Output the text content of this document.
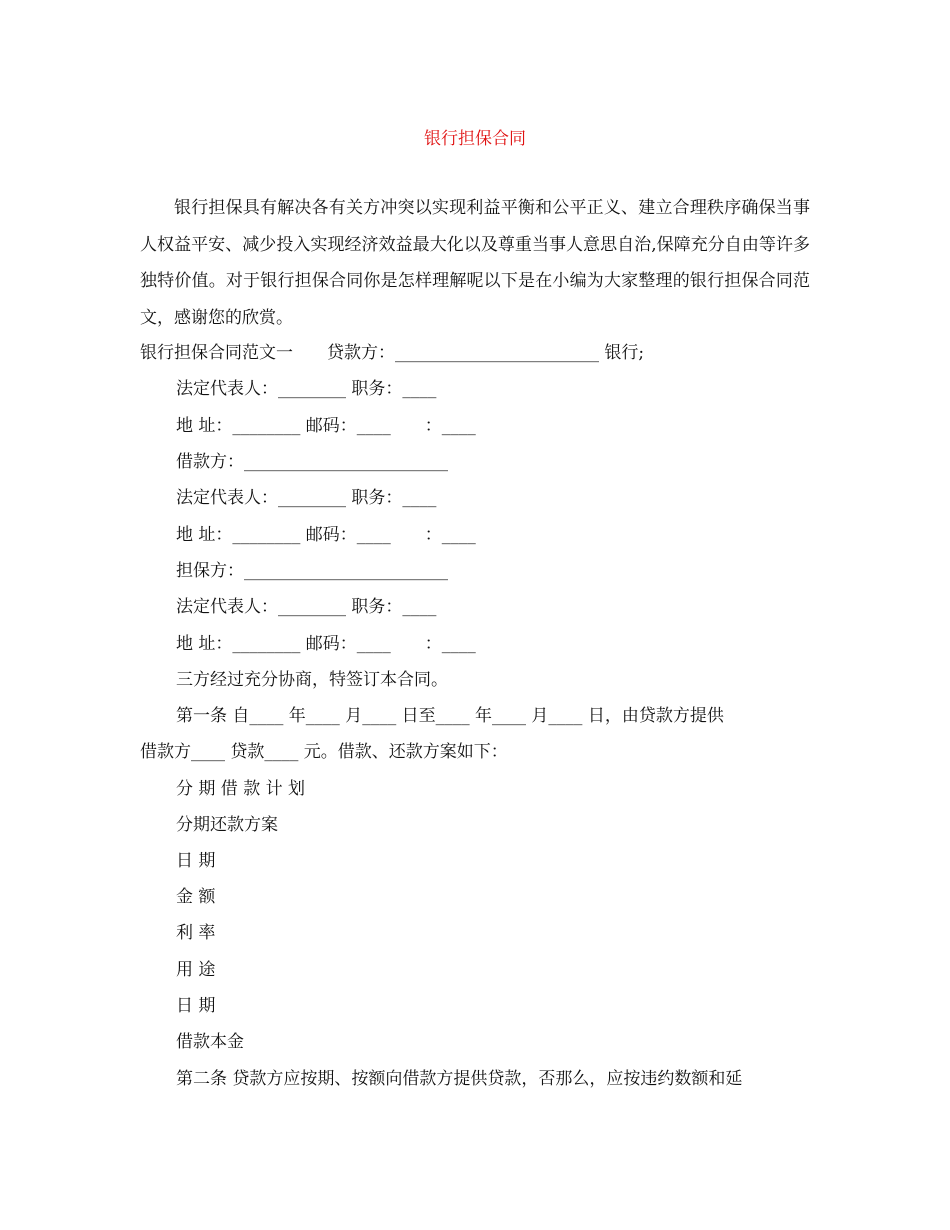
银行担保合同

银行担保具有解决各有关方冲突以实现利益平衡和公平正义、建立合理秩序确保当事人权益平安、减少投入实现经济效益最大化以及尊重当事人意思自治,保障充分自由等许多独特价值。对于银行担保合同你是怎样理解呢以下是在小编为大家整理的银行担保合同范文，感谢您的欣赏。

银行担保合同范文一　　贷款方：________________________ 银行;
法定代表人：________ 职务：____
地 址：________ 邮码：____　　：____
借款方：________________________
法定代表人：________ 职务：____
地 址：________ 邮码：____　　：____
担保方：________________________
法定代表人：________ 职务：____
地 址：________ 邮码：____　　：____
三方经过充分协商，特签订本合同。
第一条 自____ 年____ 月____ 日至____ 年____ 月____ 日，由贷款方提供
借款方____ 贷款____ 元。借款、还款方案如下：
分 期 借 款 计 划
分期还款方案
日 期
金 额
利 率
用 途
日 期
借款本金
第二条 贷款方应按期、按额向借款方提供贷款，否那么，应按违约数额和延
